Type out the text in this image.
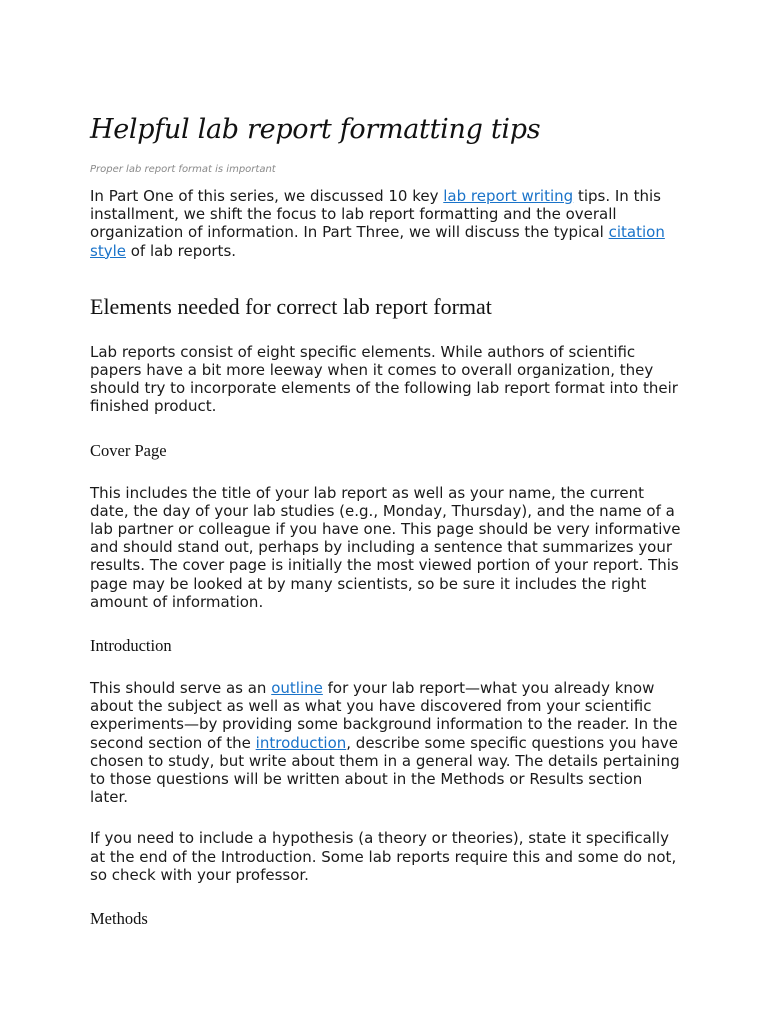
Helpful lab report formatting tips
Proper lab report format is important

In Part One of this series, we discussed 10 key lab report writing tips. In this installment, we shift the focus to lab report formatting and the overall organization of information. In Part Three, we will discuss the typical citation style of lab reports.

Elements needed for correct lab report format

Lab reports consist of eight specific elements. While authors of scientific papers have a bit more leeway when it comes to overall organization, they should try to incorporate elements of the following lab report format into their finished product.

Cover Page

This includes the title of your lab report as well as your name, the current date, the day of your lab studies (e.g., Monday, Thursday), and the name of a lab partner or colleague if you have one. This page should be very informative and should stand out, perhaps by including a sentence that summarizes your results. The cover page is initially the most viewed portion of your report. This page may be looked at by many scientists, so be sure it includes the right amount of information.

Introduction

This should serve as an outline for your lab report—what you already know about the subject as well as what you have discovered from your scientific experiments—by providing some background information to the reader. In the second section of the introduction, describe some specific questions you have chosen to study, but write about them in a general way. The details pertaining to those questions will be written about in the Methods or Results section later.

If you need to include a hypothesis (a theory or theories), state it specifically at the end of the Introduction. Some lab reports require this and some do not, so check with your professor.

Methods
